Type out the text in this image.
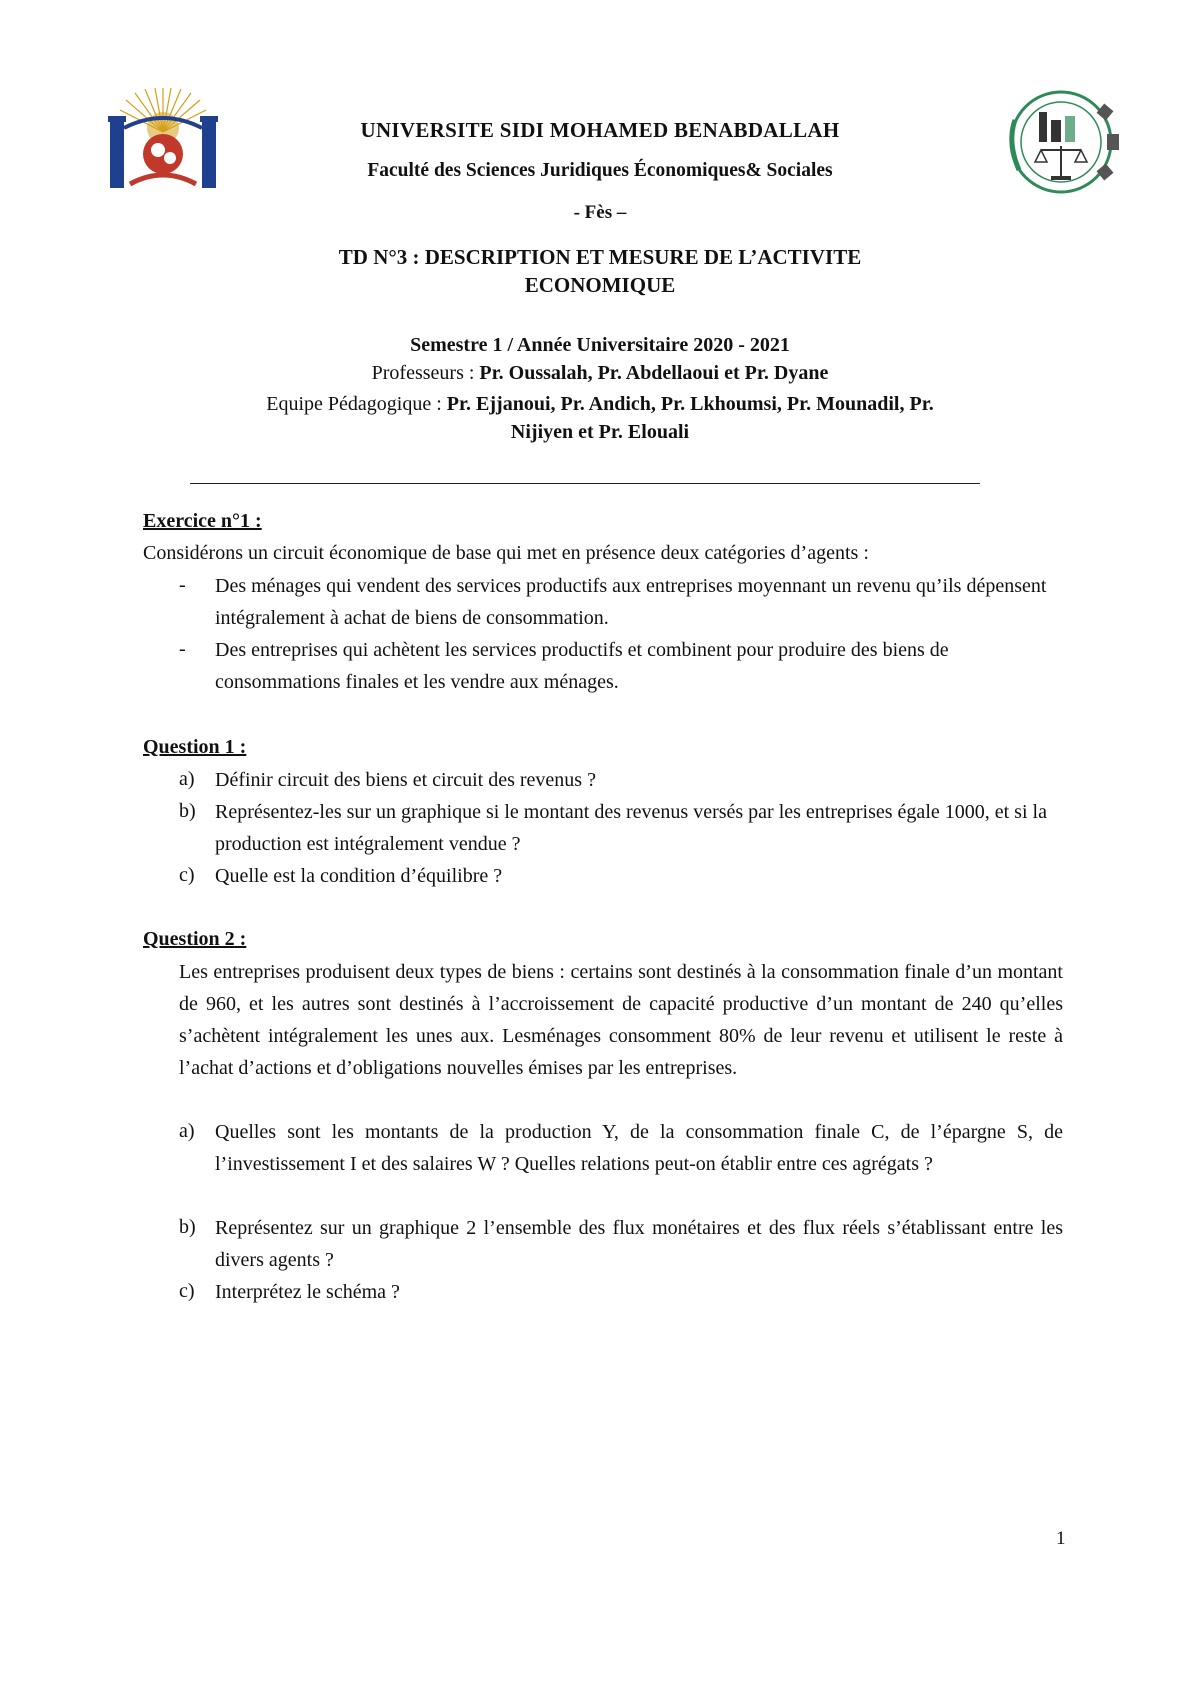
UNIVERSITE SIDI MOHAMED BENABDALLAH
Faculté des Sciences Juridiques Économiques& Sociales
- Fès –
TD N°3 : DESCRIPTION ET MESURE DE L’ACTIVITE ECONOMIQUE
Semestre 1 / Année Universitaire 2020 - 2021
Professeurs : Pr. Oussalah, Pr. Abdellaoui et Pr. Dyane
Equipe Pédagogique : Pr. Ejjanoui, Pr. Andich, Pr. Lkhoumsi, Pr. Mounadil, Pr. Nijiyen et Pr. Elouali
Exercice n°1 :
Considérons un circuit économique de base qui met en présence deux catégories d’agents :
- Des ménages qui vendent des services productifs aux entreprises moyennant un revenu qu’ils dépensent intégralement à achat de biens de consommation.
- Des entreprises qui achètent les services productifs et combinent pour produire des biens de consommations finales et les vendre aux ménages.
Question 1 :
a) Définir circuit des biens et circuit des revenus ?
b) Représentez-les sur un graphique si le montant des revenus versés par les entreprises égale 1000, et si la production est intégralement vendue ?
c) Quelle est la condition d’équilibre ?
Question 2 :
Les entreprises produisent deux types de biens : certains sont destinés à la consommation finale d’un montant de 960, et les autres sont destinés à l’accroissement de capacité productive d’un montant de 240 qu’elles s’achètent intégralement les unes aux. Lesménages consomment 80% de leur revenu et utilisent le reste à l’achat d’actions et d’obligations nouvelles émises par les entreprises.
a) Quelles sont les montants de la production Y, de la consommation finale C, de l’épargne S, de l’investissement I et des salaires W ? Quelles relations peut-on établir entre ces agrégats ?
b) Représentez sur un graphique 2 l’ensemble des flux monétaires et des flux réels s’établissant entre les divers agents ?
c) Interprétez le schéma ?
1
